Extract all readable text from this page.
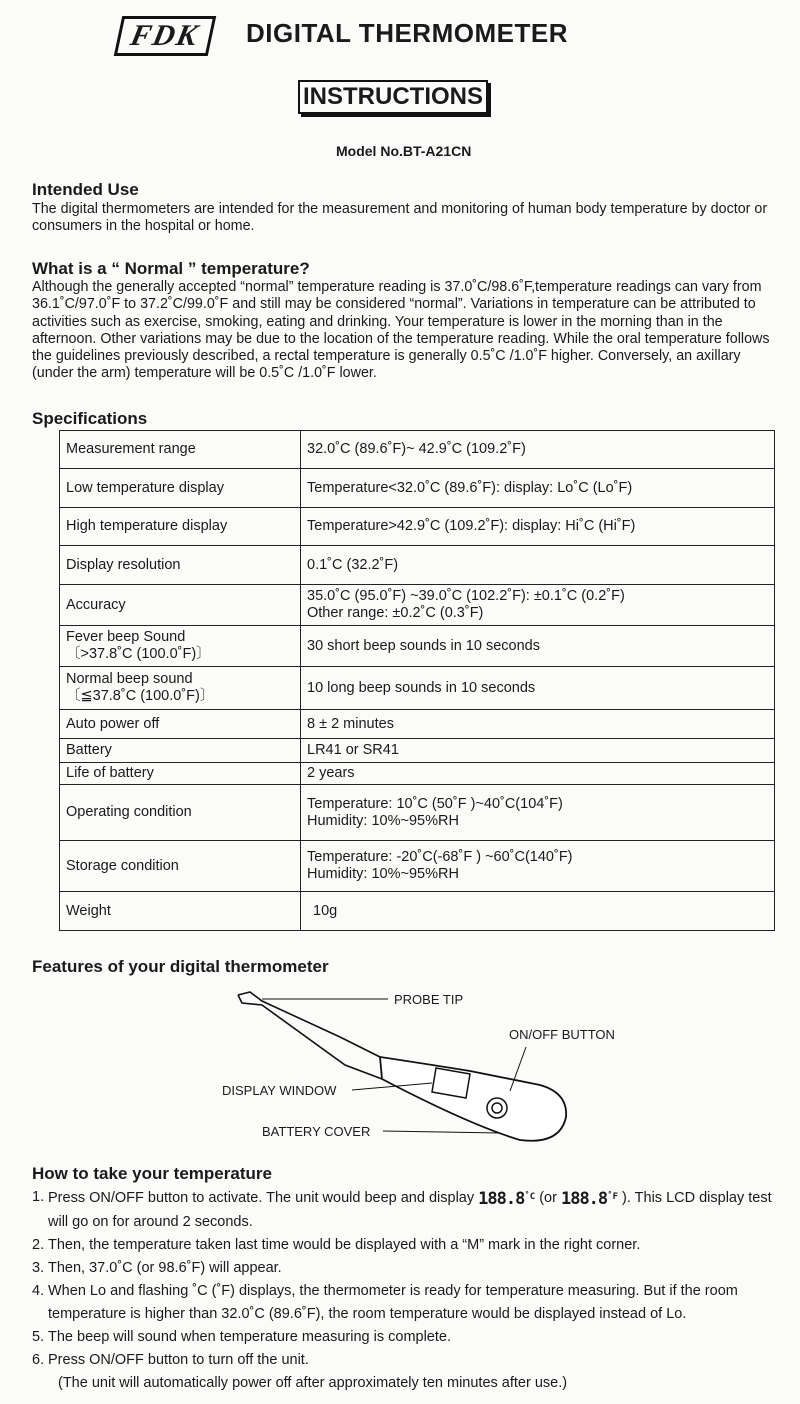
FDK	DIGITAL THERMOMETER
INSTRUCTIONS
Model No.BT-A21CN
Intended Use

The digital thermometers are intended for the measurement and monitoring of human body temperature by doctor or consumers in the hospital or home.

What is a “ Normal ” temperature?

Although the generally accepted “normal” temperature reading is 37.0˚C/98.6˚F,temperature readings can vary from 36.1˚C/97.0˚F to 37.2˚C/99.0˚F and still may be considered “normal”. Variations in temperature can be attributed to activities such as exercise, smoking, eating and drinking. Your temperature is lower in the morning than in the afternoon. Other variations may be due to the location of the temperature reading. While the oral temperature follows the guidelines previously described, a rectal temperature is generally 0.5˚C /1.0˚F higher. Conversely, an axillary (under the arm) temperature will be 0.5˚C /1.0˚F lower.

Specifications
Measurement range	32.0˚C (89.6˚F)~ 42.9˚C (109.2˚F)
Low temperature display	Temperature<32.0˚C (89.6˚F): display: Lo˚C (Lo˚F)
High temperature display	Temperature>42.9˚C (109.2˚F): display: Hi˚C (Hi˚F)
Display resolution	0.1˚C (32.2˚F)
Accuracy	35.0˚C (95.0˚F) ~39.0˚C (102.2˚F): ±0.1˚C (0.2˚F)
Other range: ±0.2˚C (0.3˚F)

Fever beep Sound
〔>37.8˚C (100.0˚F)〕	30 short beep sounds in 10 seconds

Normal beep sound
〔≦37.8˚C (100.0˚F)〕	10 long beep sounds in 10 seconds
Auto power off	8 ± 2 minutes
Battery	LR41 or SR41
Life of battery	2 years
Operating condition	Temperature: 10˚C (50˚F )~40˚C(104˚F)
Humidity: 10%~95%RH

Storage condition	Temperature: -20˚C(-68˚F ) ~60˚C(140˚F)
Humidity: 10%~95%RH

Weight	10g
Features of your digital thermometer
PROBE TIP
ON/OFF BUTTON
DISPLAY WINDOW
BATTERY COVER
How to take your temperature
1. Press ON/OFF button to activate. The unit would beep and display $188.8^{˚C}$ (or $188.8^{˚F}$ ). This LCD display test will go on for around 2 seconds.
2. Then, the temperature taken last time would be displayed with a “M” mark in the right corner.
3. Then, 37.0˚C (or 98.6˚F) will appear.
4. When Lo and flashing ˚C (˚F) displays, the thermometer is ready for temperature measuring. But if the room temperature is higher than 32.0˚C (89.6˚F), the room temperature would be displayed instead of Lo.
5. The beep will sound when temperature measuring is complete.
6. Press ON/OFF button to turn off the unit.
(The unit will automatically power off after approximately ten minutes after use.)
